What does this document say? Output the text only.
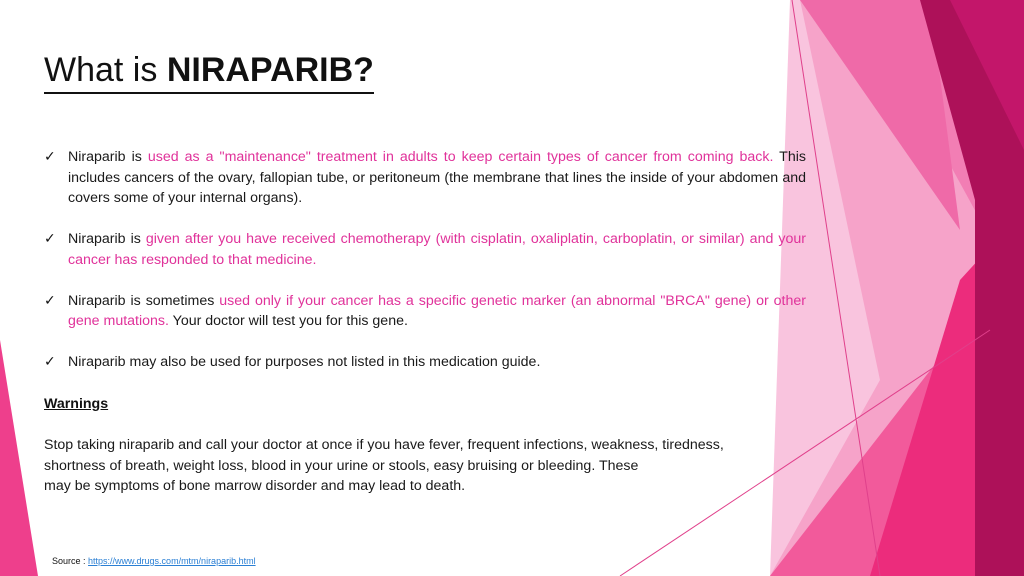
What is NIRAPARIB?
✓ Niraparib is used as a "maintenance" treatment in adults to keep certain types of cancer from coming back. This includes cancers of the ovary, fallopian tube, or peritoneum (the membrane that lines the inside of your abdomen and covers some of your internal organs).
✓ Niraparib is given after you have received chemotherapy (with cisplatin, oxaliplatin, carboplatin, or similar) and your cancer has responded to that medicine.
✓ Niraparib is sometimes used only if your cancer has a specific genetic marker (an abnormal "BRCA" gene) or other gene mutations. Your doctor will test you for this gene.
✓ Niraparib may also be used for purposes not listed in this medication guide.
Warnings

Stop taking niraparib and call your doctor at once if you have fever, frequent infections, weakness, tiredness,
shortness of breath, weight loss, blood in your urine or stools, easy bruising or bleeding. These
may be symptoms of bone marrow disorder and may lead to death.

Source : https://www.drugs.com/mtm/niraparib.html
